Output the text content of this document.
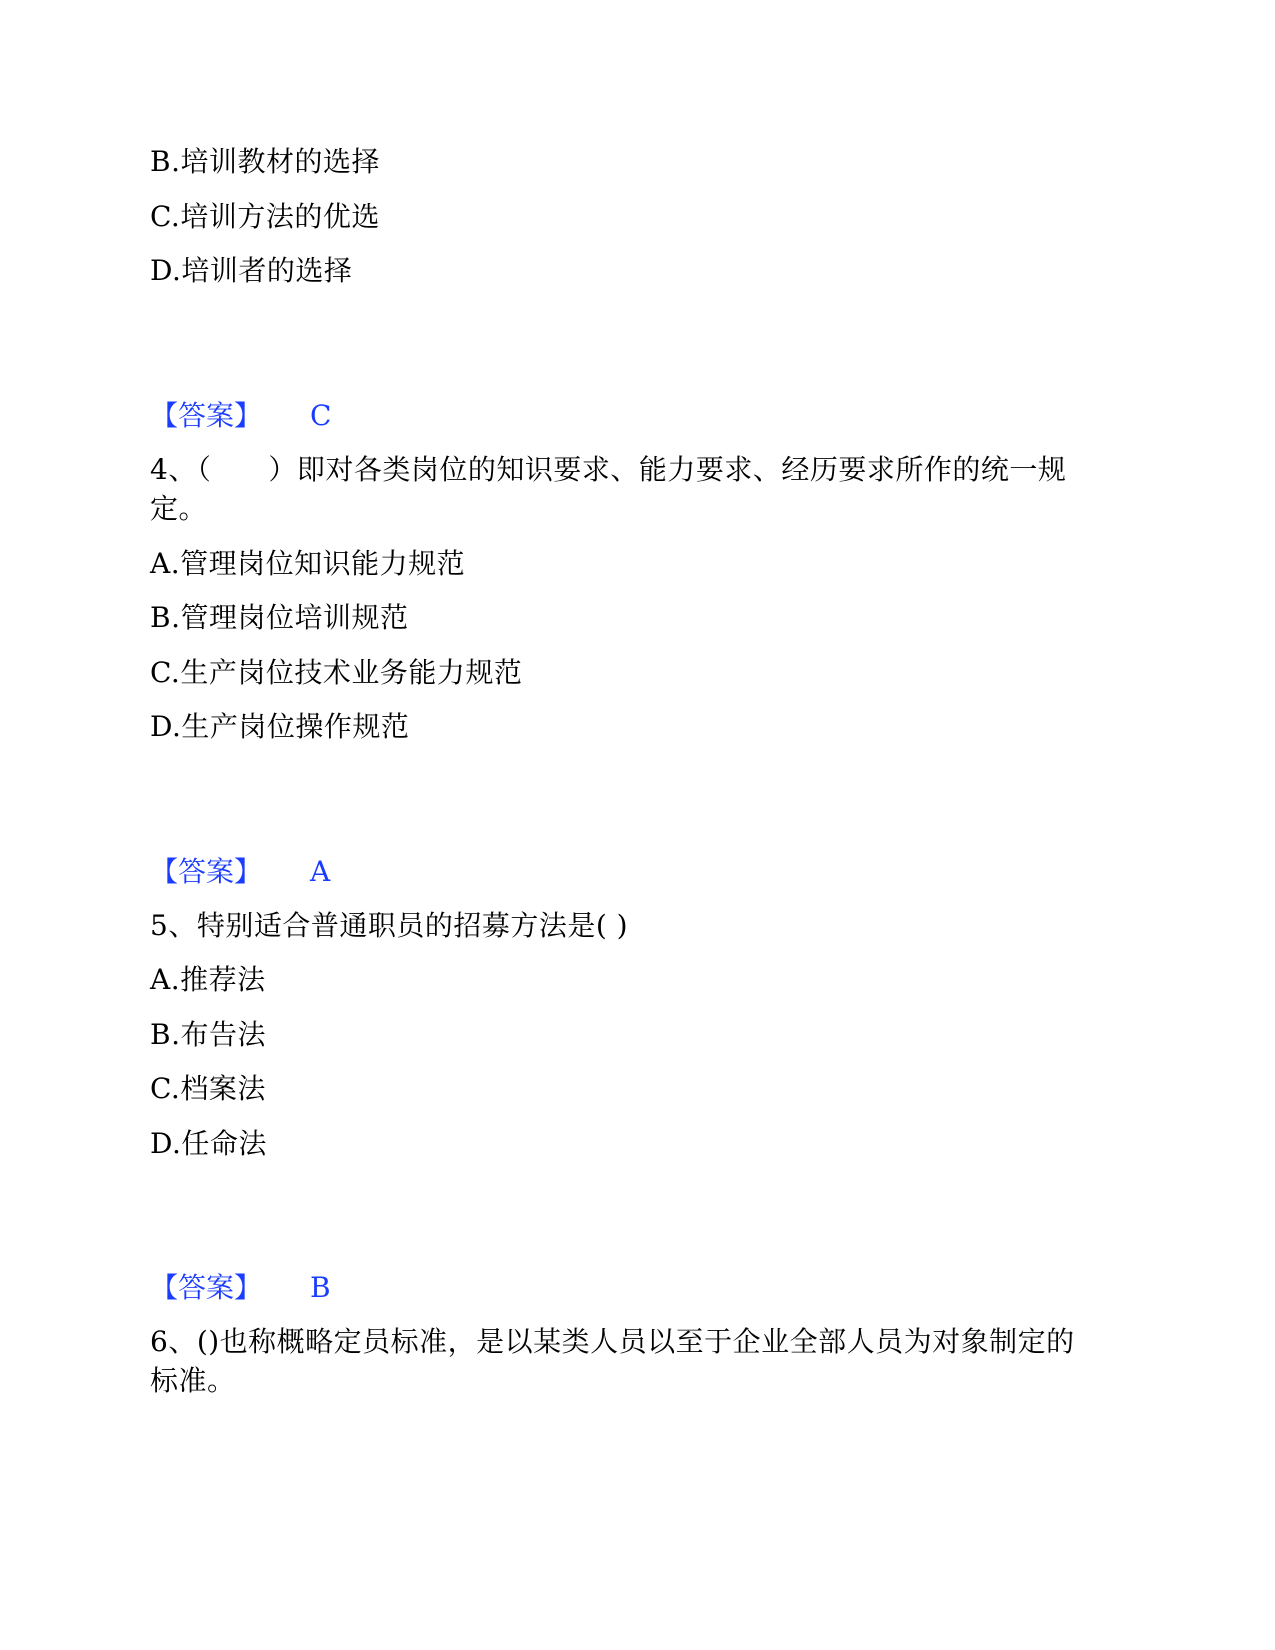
B.培训教材的选择
C.培训方法的优选
D.培训者的选择
【答案】 C
4、（　　）即对各类岗位的知识要求、能力要求、经历要求所作的统一规
定。
A.管理岗位知识能力规范
B.管理岗位培训规范
C.生产岗位技术业务能力规范
D.生产岗位操作规范
【答案】 A
5、特别适合普通职员的招募方法是( )
A.推荐法
B.布告法
C.档案法
D.任命法
【答案】 B
6、()也称概略定员标准，是以某类人员以至于企业全部人员为对象制定的
标准。
